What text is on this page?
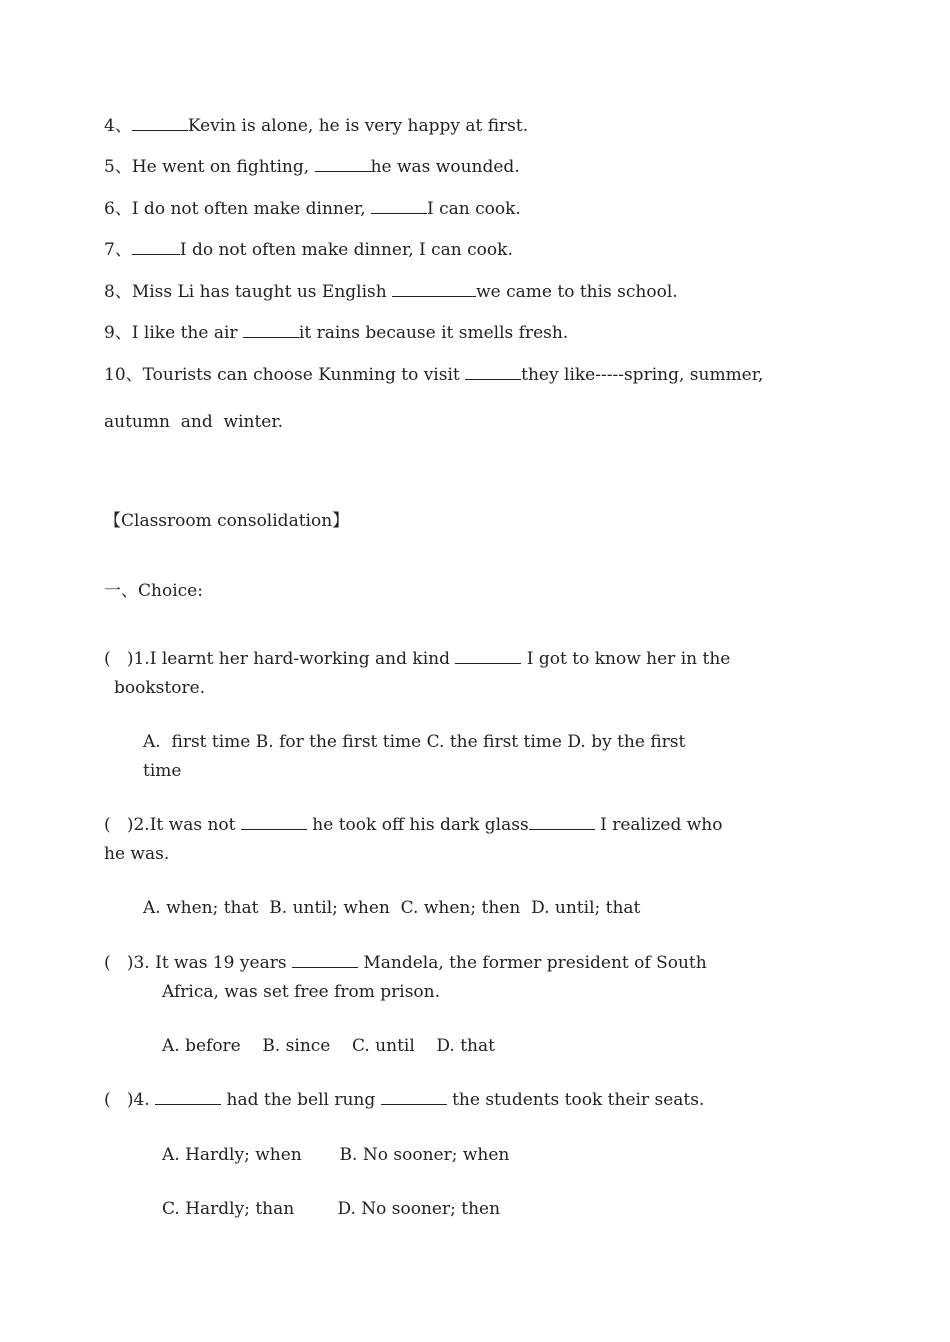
4、	Kevin is alone, he is very happy at first.
5、He went on fighting,	he was wounded.
6、I do not often make dinner,	I can cook.
7、	I do not often make dinner, I can cook.
8、Miss Li has taught us English	we came to this school.
9、I like the air	it rains because it smells fresh.
10、Tourists can choose Kunming to visit	they like-----spring, summer,
autumn  and  winter.
【Classroom consolidation】
一、Choice:
(   )1.I learnt her hard-working and kind	I got to know her in the
bookstore.
A.  first time B. for the first time C. the first time D. by the first
time
(   )2.It was not	he took off his dark glass	I realized who
he was.
A. when; that  B. until; when  C. when; then  D. until; that
(   )3. It was 19 years	Mandela, the former president of South
Africa, was set free from prison.
A. before    B. since    C. until    D. that
(   )4.	had the bell rung	the students took their seats.
A. Hardly; when       B. No sooner; when
C. Hardly; than        D. No sooner; then
